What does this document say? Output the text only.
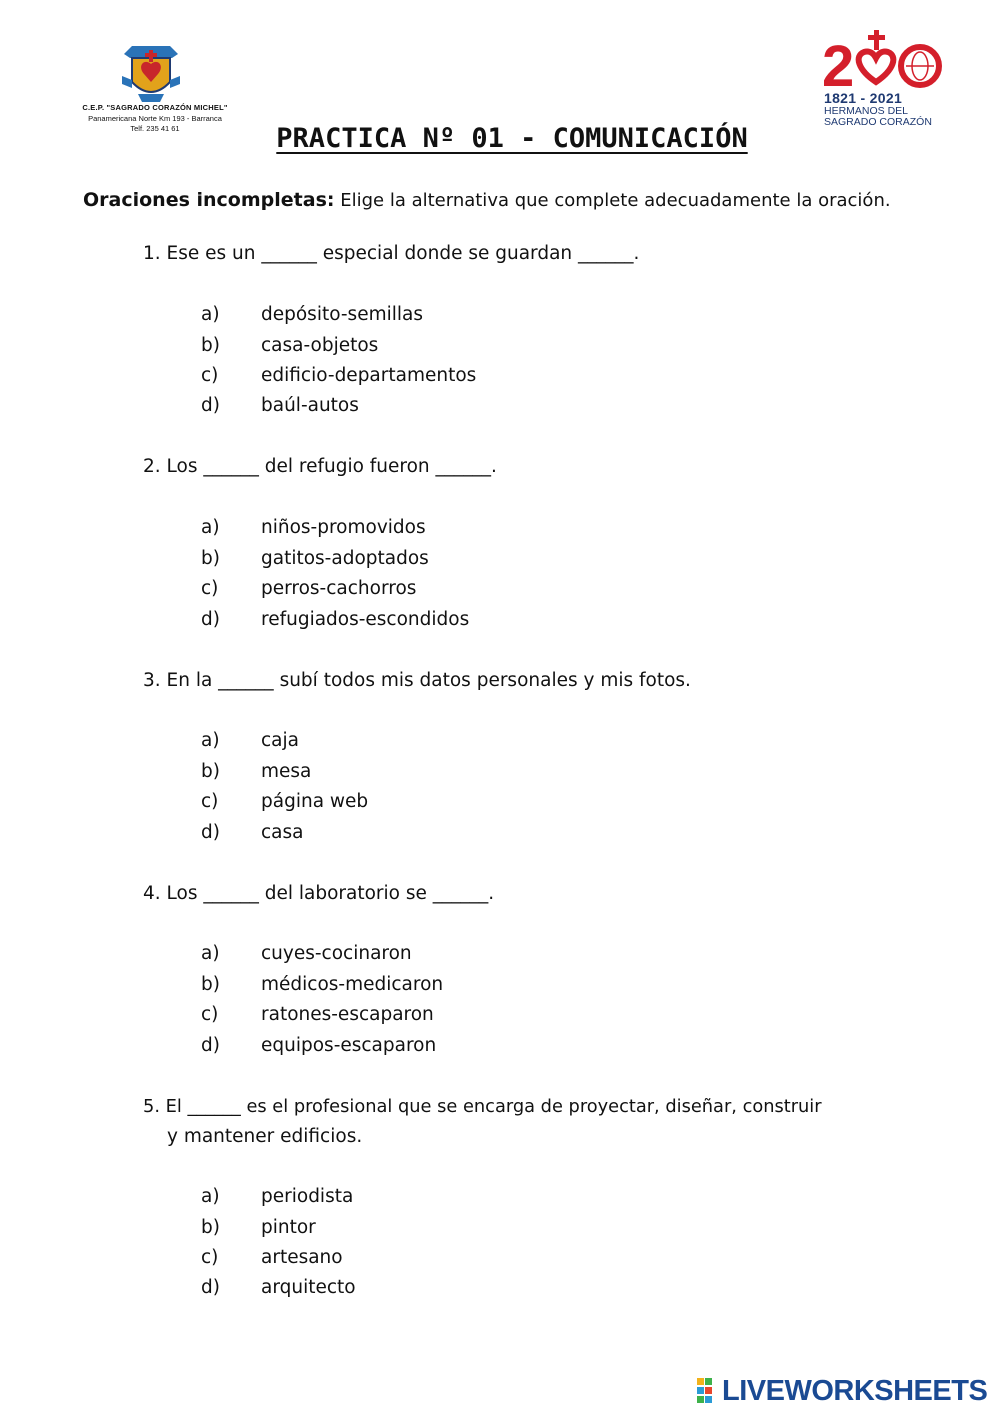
C.E.P. "SAGRADO CORAZÓN MICHEL"
Panamericana Norte Km 193 - Barranca
Telf. 235 41 61
2
1821 - 2021
HERMANOS DEL
SAGRADO CORAZÓN
PRACTICA Nº 01 - COMUNICACIÓN
Oraciones incompletas: Elige la alternativa que complete adecuadamente la oración.
1. Ese es un ______ especial donde se guardan ______.
a) depósito-semillas
b) casa-objetos
c) edificio-departamentos
d) baúl-autos
2. Los ______ del refugio fueron ______.
a) niños-promovidos
b) gatitos-adoptados
c) perros-cachorros
d) refugiados-escondidos
3. En la ______ subí todos mis datos personales y mis fotos.
a) caja
b) mesa
c) página web
d) casa
4. Los ______ del laboratorio se ______.
a) cuyes-cocinaron
b) médicos-medicaron
c) ratones-escaparon
d) equipos-escaparon
5. El ______ es el profesional que se encarga de proyectar, diseñar, construir
y mantener edificios.
a) periodista
b) pintor
c) artesano
d) arquitecto
LIVEWORKSHEETS
